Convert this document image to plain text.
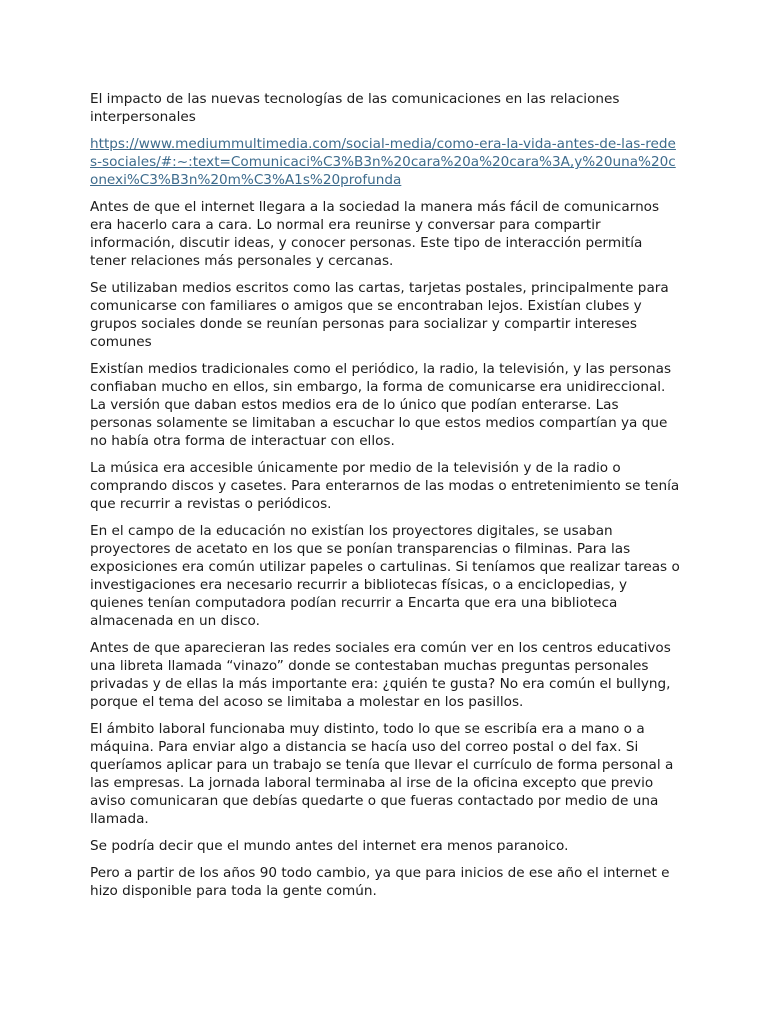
El impacto de las nuevas tecnologías de las comunicaciones en las relaciones interpersonales

https://www.mediummultimedia.com/social-media/como-era-la-vida-antes-de-las-redes-sociales/#:~:text=Comunicaci%C3%B3n%20cara%20a%20cara%3A,y%20una%20conexi%C3%B3n%20m%C3%A1s%20profunda

Antes de que el internet llegara a la sociedad la manera más fácil de comunicarnos era hacerlo cara a cara. Lo normal era reunirse y conversar para compartir información, discutir ideas, y conocer personas. Este tipo de interacción permitía tener relaciones más personales y cercanas.

Se utilizaban medios escritos como las cartas, tarjetas postales, principalmente para comunicarse con familiares o amigos que se encontraban lejos. Existían clubes y grupos sociales donde se reunían personas para socializar y compartir intereses comunes

Existían medios tradicionales como el periódico, la radio, la televisión, y las personas confiaban mucho en ellos, sin embargo, la forma de comunicarse era unidireccional. La versión que daban estos medios era de lo único que podían enterarse. Las personas solamente se limitaban a escuchar lo que estos medios compartían ya que no había otra forma de interactuar con ellos.

La música era accesible únicamente por medio de la televisión y de la radio o comprando discos y casetes. Para enterarnos de las modas o entretenimiento se tenía que recurrir a revistas o periódicos.

En el campo de la educación no existían los proyectores digitales, se usaban proyectores de acetato en los que se ponían transparencias o filminas. Para las exposiciones era común utilizar papeles o cartulinas. Si teníamos que realizar tareas o investigaciones era necesario recurrir a bibliotecas físicas, o a enciclopedias, y quienes tenían computadora podían recurrir a Encarta que era una biblioteca almacenada en un disco.

Antes de que aparecieran las redes sociales era común ver en los centros educativos una libreta llamada “vinazo” donde se contestaban muchas preguntas personales privadas y de ellas la más importante era: ¿quién te gusta? No era común el bullyng, porque el tema del acoso se limitaba a molestar en los pasillos.

El ámbito laboral funcionaba muy distinto, todo lo que se escribía era a mano o a máquina. Para enviar algo a distancia se hacía uso del correo postal o del fax. Si queríamos aplicar para un trabajo se tenía que llevar el currículo de forma personal a las empresas. La jornada laboral terminaba al irse de la oficina excepto que previo aviso comunicaran que debías quedarte o que fueras contactado por medio de una llamada.

Se podría decir que el mundo antes del internet era menos paranoico.

Pero a partir de los años 90 todo cambio, ya que para inicios de ese año el internet e hizo disponible para toda la gente común.
